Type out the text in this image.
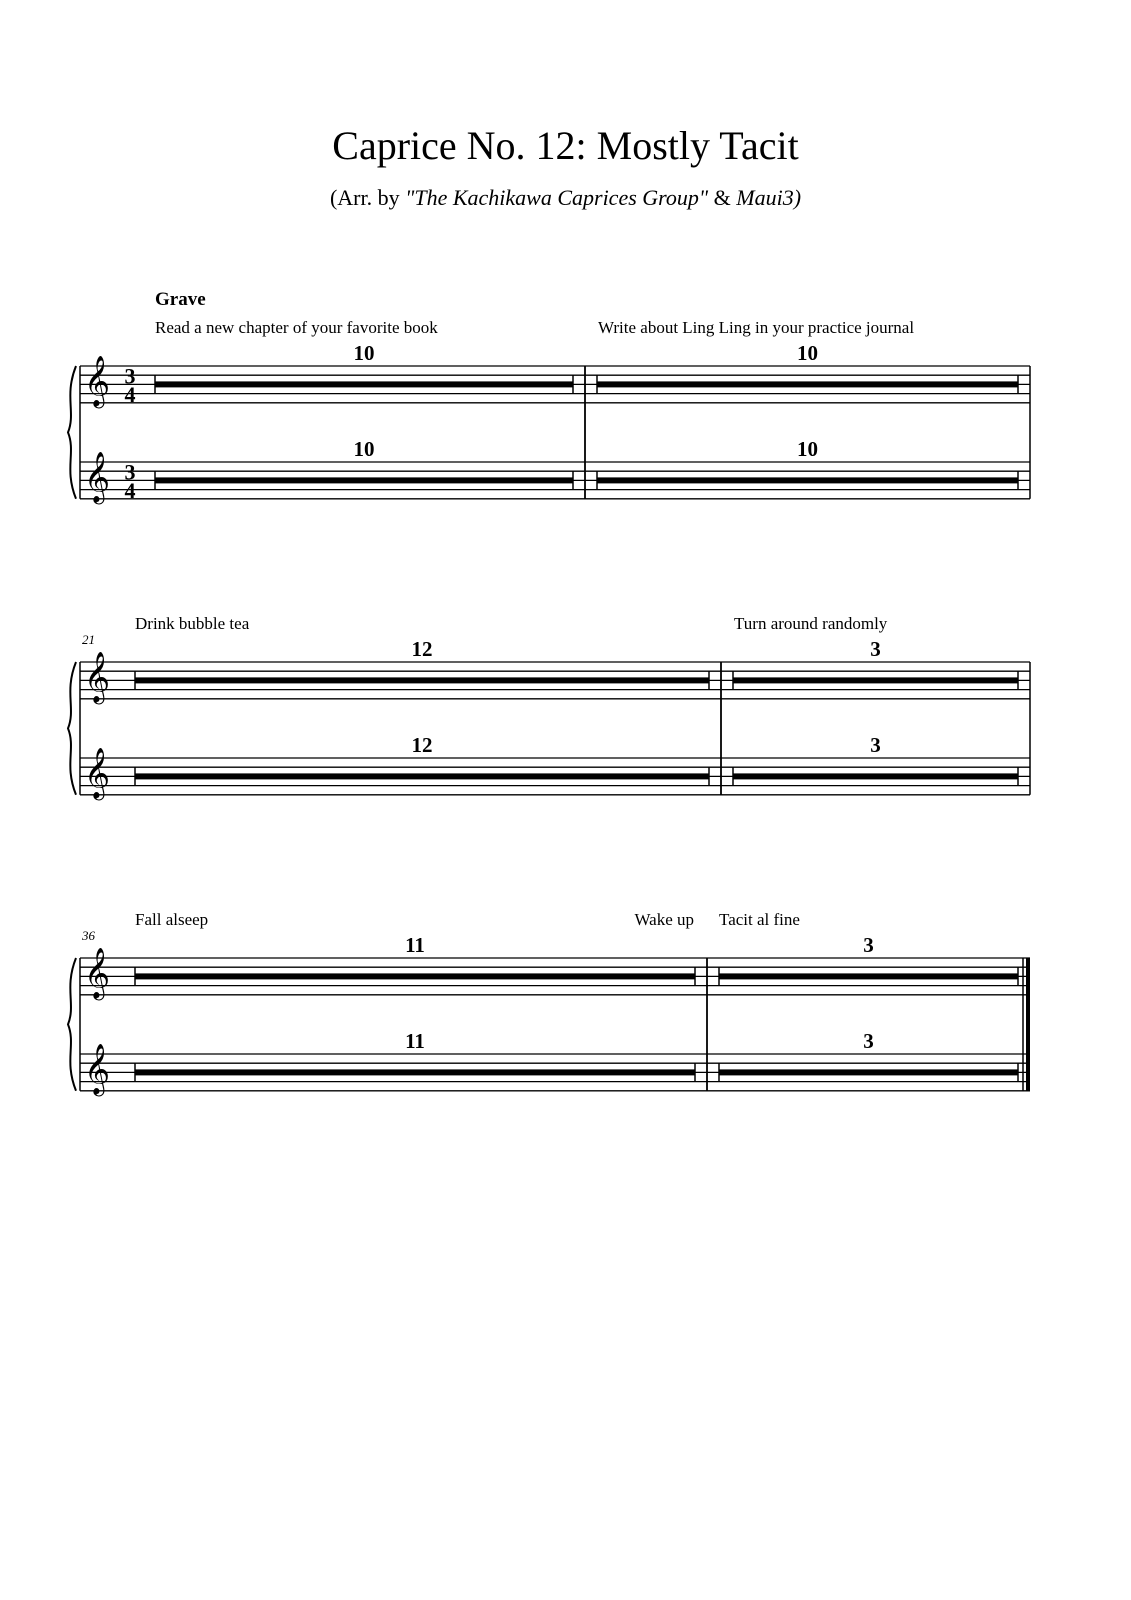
Caprice No. 12: Mostly Tacit
(Arr. by "The Kachikawa Caprices Group" & Maui3)
Grave
Read a new chapter of your favorite book	Write about Ling Ling in your practice journal
𝄞 3
4
10	10
𝄞 3
4
10	10
21
Drink bubble tea	Turn around randomly
𝄞
12	3
𝄞
12	3
36
Fall alseep	Wake up Tacit al fine
𝄞
11	3
𝄞
11	3
